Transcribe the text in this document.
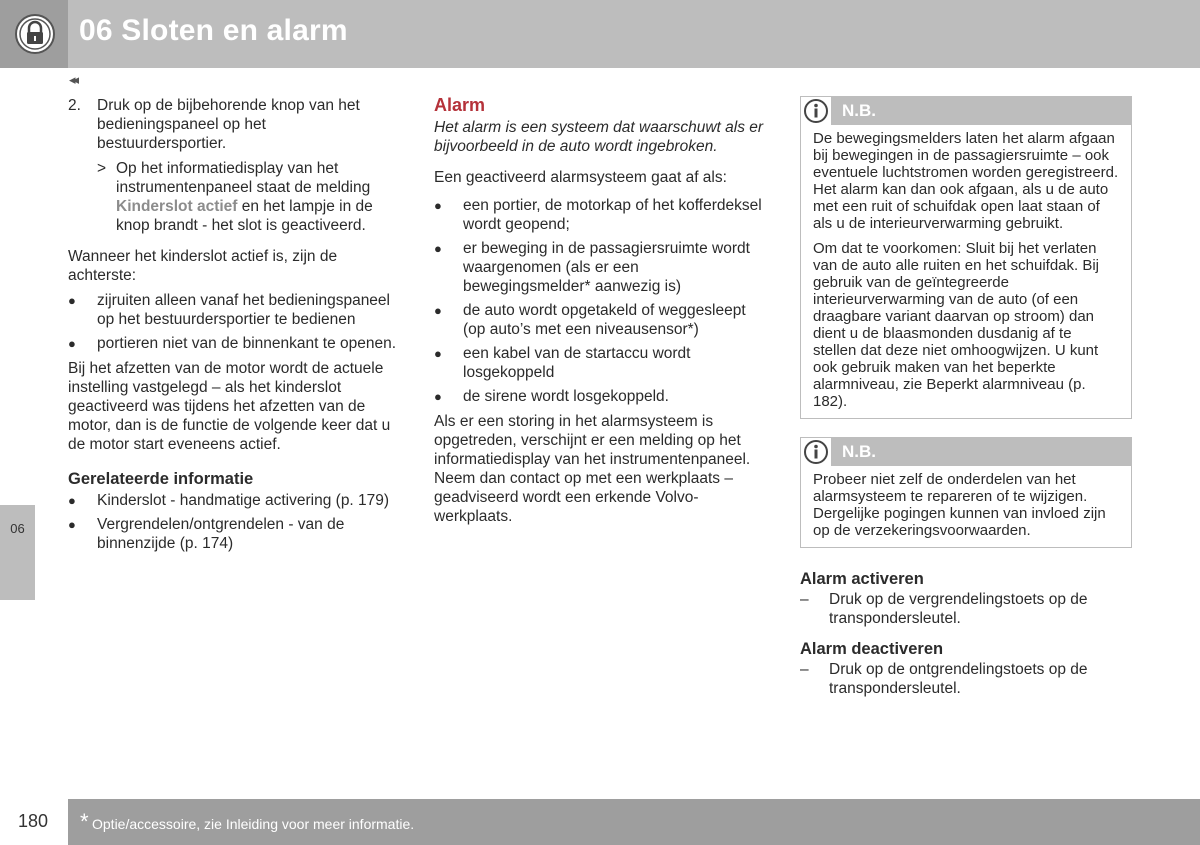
06 Sloten en alarm
◂◂
06
2.	Druk op de bijbehorende knop van het bedieningspaneel op het bestuurdersportier.
> Op het informatiedisplay van het instrumentenpaneel staat de melding Kinderslot actief en het lampje in de knop brandt - het slot is geactiveerd.

Wanneer het kinderslot actief is, zijn de achterste:

●	zijruiten alleen vanaf het bedieningspaneel op het bestuurdersportier te bedienen
●	portieren niet van de binnenkant te openen.

Bij het afzetten van de motor wordt de actuele instelling vastgelegd – als het kinderslot geactiveerd was tijdens het afzetten van de motor, dan is de functie de volgende keer dat u de motor start eveneens actief.

Gerelateerde informatie
●	Kinderslot - handmatige activering (p. 179)
●	Vergrendelen/ontgrendelen - van de binnenzijde (p. 174)
Alarm

Het alarm is een systeem dat waarschuwt als er bijvoorbeeld in de auto wordt ingebroken.

Een geactiveerd alarmsysteem gaat af als:

●	een portier, de motorkap of het kofferdeksel wordt geopend;
●	er beweging in de passagiersruimte wordt waargenomen (als er een bewegingsmelder* aanwezig is)
●	de auto wordt opgetakeld of weggesleept (op auto’s met een niveausensor*)
●	een kabel van de startaccu wordt losgekoppeld
●	de sirene wordt losgekoppeld.

Als er een storing in het alarmsysteem is opgetreden, verschijnt er een melding op het informatiedisplay van het instrumentenpaneel. Neem dan contact op met een werkplaats – geadviseerd wordt een erkende Volvo-werkplaats.

N.B.

De bewegingsmelders laten het alarm afgaan bij bewegingen in de passagiersruimte – ook eventuele luchtstromen worden geregistreerd. Het alarm kan dan ook afgaan, als u de auto met een ruit of schuifdak open laat staan of als u de interieurverwarming gebruikt.

Om dat te voorkomen: Sluit bij het verlaten van de auto alle ruiten en het schuifdak. Bij gebruik van de geïntegreerde interieurverwarming van de auto (of een draagbare variant daarvan op stroom) dan dient u de blaasmonden dusdanig af te stellen dat deze niet omhoogwijzen. U kunt ook gebruik maken van het beperkte alarmniveau, zie Beperkt alarmniveau (p. 182).

N.B.

Probeer niet zelf de onderdelen van het alarmsysteem te repareren of te wijzigen. Dergelijke pogingen kunnen van invloed zijn op de verzekeringsvoorwaarden.

Alarm activeren
–	Druk op de vergrendelingstoets op de transpondersleutel.
Alarm deactiveren
–	Druk op de ontgrendelingstoets op de transpondersleutel.
180 * Optie/accessoire, zie Inleiding voor meer informatie.
